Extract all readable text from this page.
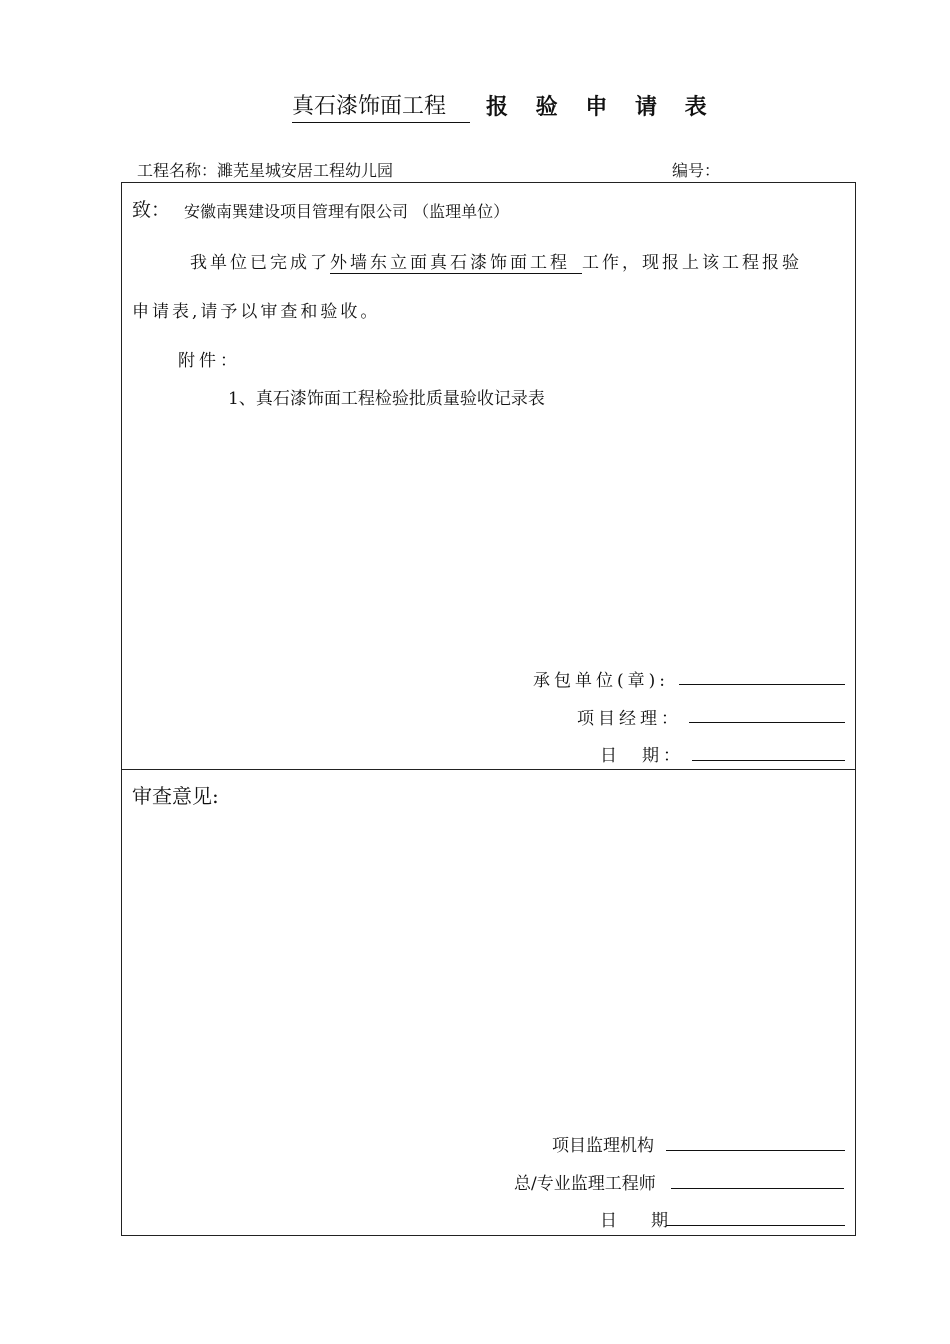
真石漆饰面工程	报 验 申 请 表
工程名称：濉芜星城安居工程幼儿园	编号：
致： 安徽南巽建设项目管理有限公司 （监理单位）
我单位已完成了外墙东立面真石漆饰面工程 工作，现报上该工程报验
申请表,请予以审查和验收。
附件：
1、真石漆饰面工程检验批质量验收记录表
承包单位(章):
项目经理：
日　期：
审查意见:
项目监理机构
总/专业监理工程师
日　　期
